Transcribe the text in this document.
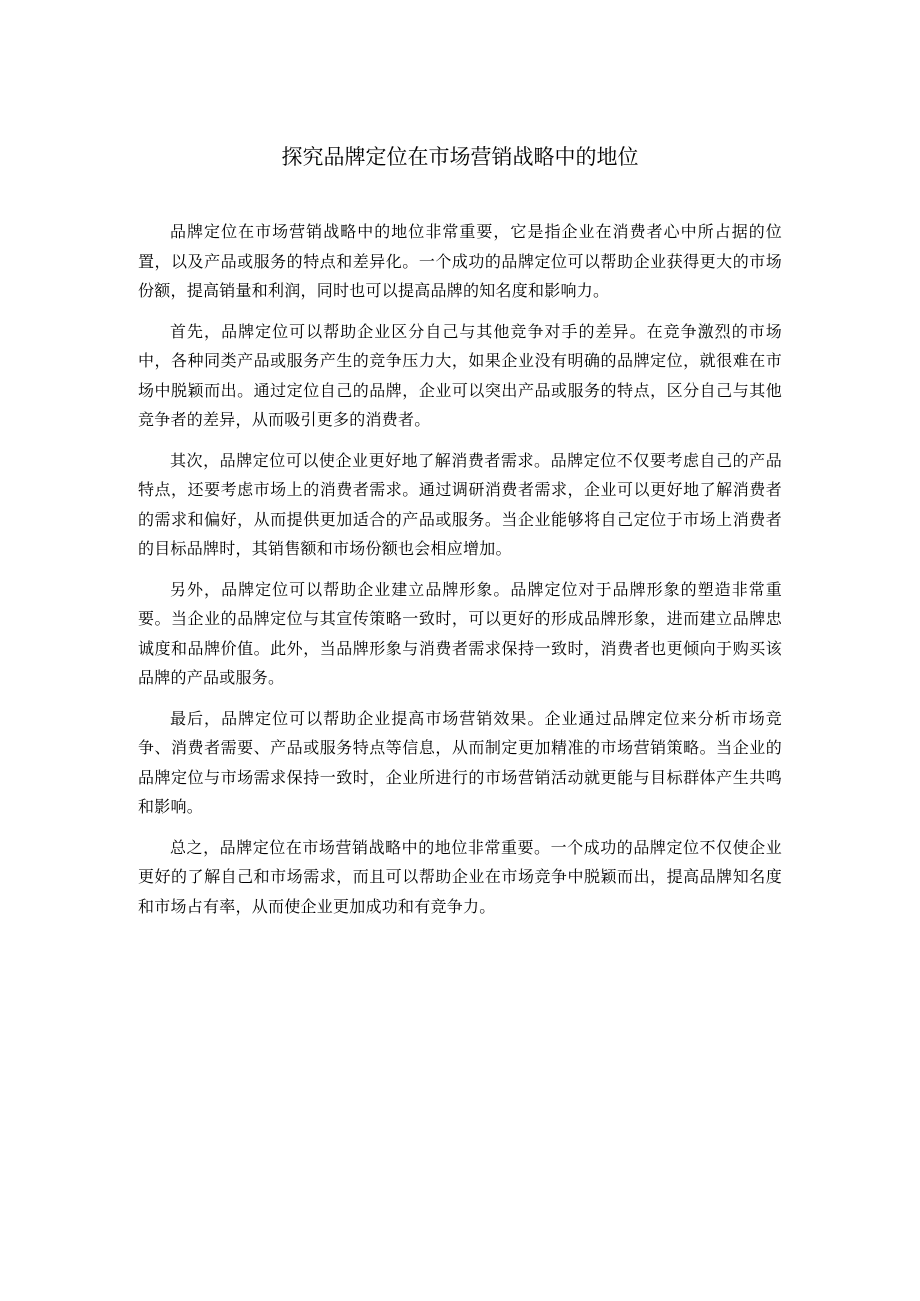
探究品牌定位在市场营销战略中的地位

品牌定位在市场营销战略中的地位非常重要，它是指企业在消费者心中所占据的位置，以及产品或服务的特点和差异化。一个成功的品牌定位可以帮助企业获得更大的市场份额，提高销量和利润，同时也可以提高品牌的知名度和影响力。

首先，品牌定位可以帮助企业区分自己与其他竞争对手的差异。在竞争激烈的市场中，各种同类产品或服务产生的竞争压力大，如果企业没有明确的品牌定位，就很难在市场中脱颖而出。通过定位自己的品牌，企业可以突出产品或服务的特点，区分自己与其他竞争者的差异，从而吸引更多的消费者。

其次，品牌定位可以使企业更好地了解消费者需求。品牌定位不仅要考虑自己的产品特点，还要考虑市场上的消费者需求。通过调研消费者需求，企业可以更好地了解消费者的需求和偏好，从而提供更加适合的产品或服务。当企业能够将自己定位于市场上消费者的目标品牌时，其销售额和市场份额也会相应增加。

另外，品牌定位可以帮助企业建立品牌形象。品牌定位对于品牌形象的塑造非常重要。当企业的品牌定位与其宣传策略一致时，可以更好的形成品牌形象，进而建立品牌忠诚度和品牌价值。此外，当品牌形象与消费者需求保持一致时，消费者也更倾向于购买该品牌的产品或服务。

最后，品牌定位可以帮助企业提高市场营销效果。企业通过品牌定位来分析市场竞争、消费者需要、产品或服务特点等信息，从而制定更加精准的市场营销策略。当企业的品牌定位与市场需求保持一致时，企业所进行的市场营销活动就更能与目标群体产生共鸣和影响。

总之，品牌定位在市场营销战略中的地位非常重要。一个成功的品牌定位不仅使企业更好的了解自己和市场需求，而且可以帮助企业在市场竞争中脱颖而出，提高品牌知名度和市场占有率，从而使企业更加成功和有竞争力。
